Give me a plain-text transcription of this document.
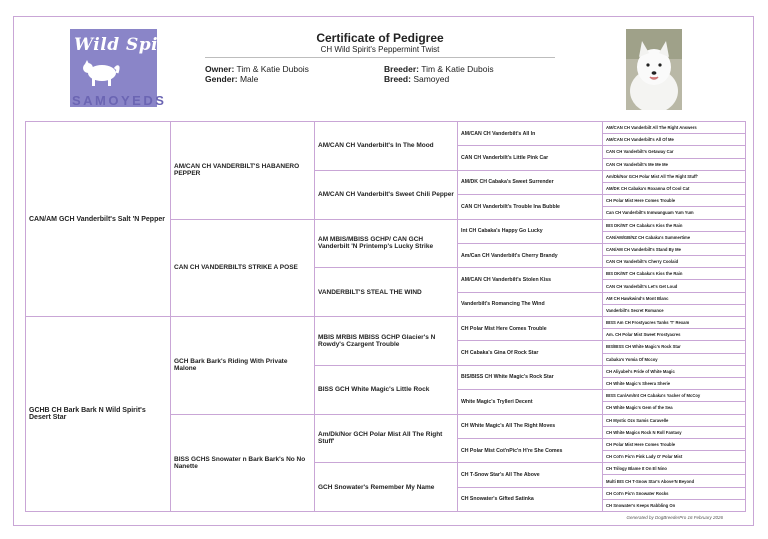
Wild Spirit
SAMOYEDS
Certificate of Pedigree
CH Wild Spirit's Peppermint Twist
Owner: Tim & Katie Dubois
Gender: Male
Breeder: Tim & Katie Dubois
Breed: Samoyed
CAN/AM GCH Vanderbilt's Salt 'N Pepper
GCHB CH Bark Bark N Wild Spirit's Desert Star
AM/CAN CH VANDERBILT'S HABANERO PEPPER
CAN CH VANDERBILTS STRIKE A POSE
GCH Bark Bark's Riding With Private Malone
BISS GCHS Snowater n Bark Bark's No No Nanette
AM/CAN CH Vanderbilt's In The Mood
AM/CAN CH Vanderbilt's Sweet Chili Pepper
AM MBIS/MBISS GCHP/ CAN GCH Vanderbilt 'N Printemp's Lucky Strike
VANDERBILT'S STEAL THE WIND
MBIS MRBIS MBISS GCHP Glacier's N Rowdy's Czargent Trouble
BISS GCH White Magic's Little Rock
Am/Dk/Nor GCH Polar Mist All The Right Stuff'
GCH Snowater's Remember My Name
AM/CAN CH Vanderbilt's All In
CAN CH Vanderbilt's Little Pink Car
AM/DK CH Cabaka's Sweet Surrender
CAN CH Vanderbilt's Trouble Ina Bubble
Int CH Cabaka's Happy Go Lucky
Am/Can CH Vanderbilt's Cherry Brandy
AM/CAN CH Vanderbilt's Stolen Kiss
Vanderbilt's Romancing The Wind
CH Polar Mist Here Comes Trouble
CH Cabaka's Gina Of Rock Star
BIS/BISS CH White Magic's Rock Star
White Magic's Trylleri Decent
CH White Magic's All The Right Moves
CH Polar Mist Cot'nPic'n H're She Comes
CH T-Snow Star's All The Above
CH Snowater's Gifted Satinka
AM/CAN CH Vanderbilt All The Right Answers
AM/CAN CH Vanderbilt's All Of Me
CAN CH Vanderbilt's Getaway Car
CAN CH Vanderbilt's Me Me Me
Am/Dk/Nor GCH Polar Mist All The Right Stuff'
AM/DK CH Cabaka's Roxanna Of Cool Cat
CH Polar Mist Here Comes Trouble
Can CH Vanderbilt's Inmwanguam Yum Yum
BIS DK/INT CH Cabaka's Kiss the Rain
CAN/AM/GB/NZ CH Cabaka's Summertime
CAN/AM CH Vanderbilt's Stand By Me
CAN CH Vanderbilt's Cherry Coolaid
BIS DK/INT CH Cabaka's Kiss the Rain
CAN CH Vanderbilt's Let's Get Loud
AM CH Hawkwind's Mont Blanc
Vanderbilt's Secret Romance
BISS Am CH Frostyacres Tanks 'T' Rexam
Am. CH Polar Mist Sweet Frostyacres
BIS/BISS CH White Magic's Rock Star
Cabaka's Yomia Of Mccoy
CH Aliyabel's Pride of White Magic
CH White Magic's Sheera Sherie
BISS Can/Am/Int CH Cabaka's Yacker of McCoy
CH White Magic's Gem of the Sea
CH Mystic Ozs Samis Caravelle
CH White Magics Rock N Roll Fantasy
CH Polar Mist Here Comes Trouble
CH Cot'n Pic'n Pink Lady O' Polar Mist
CH Trilogy Blame It On El Nino
Multi BIS CH T-Snow Star's Above'N Beyond
CH Cot'n Pic'n Snowater Rocks
CH Snowater's Keeps Rabbling On
Generated by DogBreederPro 16 February 2026
